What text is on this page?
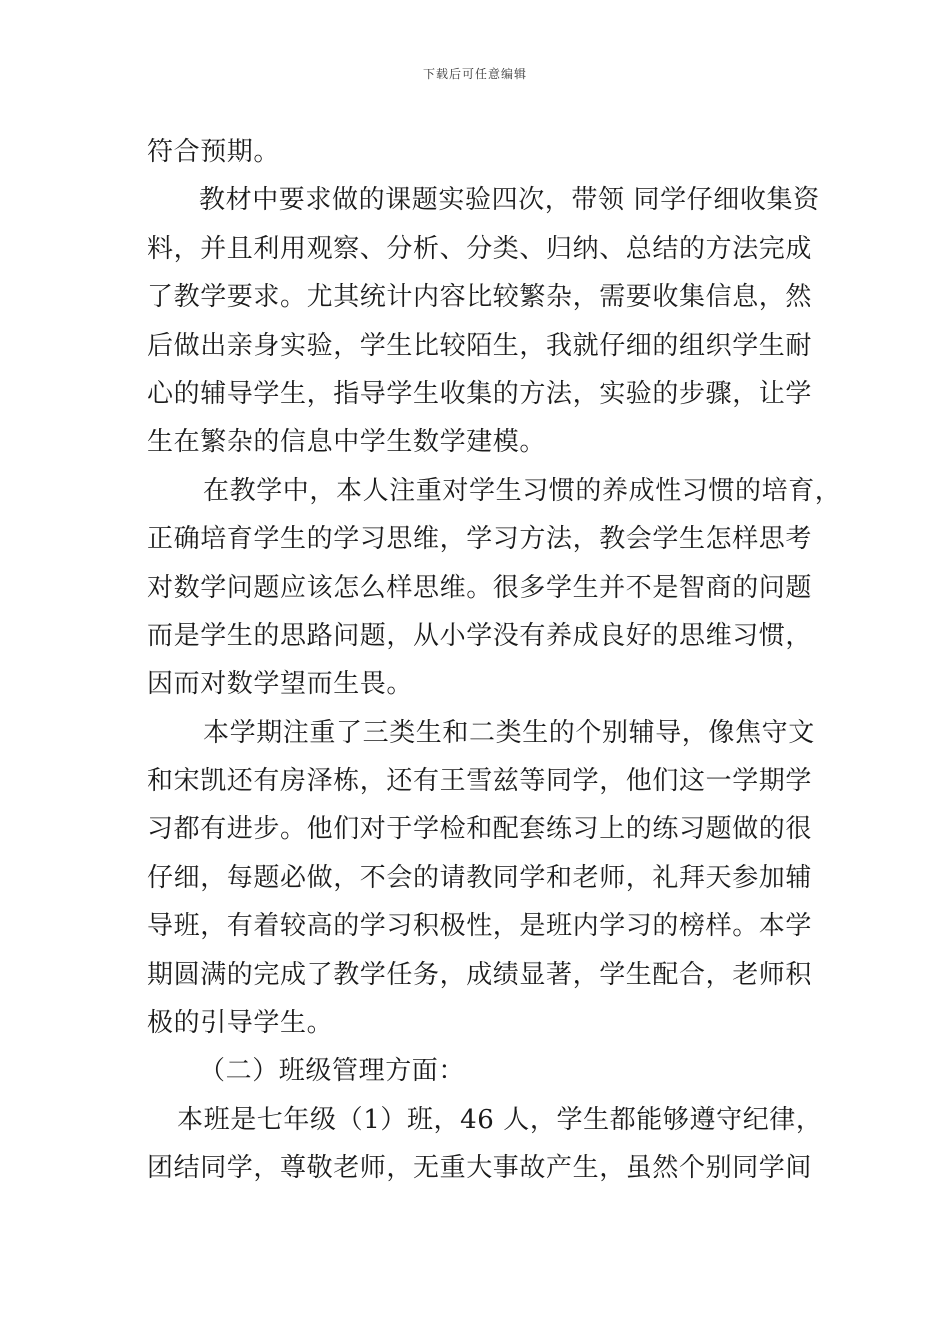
下载后可任意编辑
符合预期。
教材中要求做的课题实验四次，带领 同学仔细收集资
料，并且利用观察、分析、分类、归纳、总结的方法完成
了教学要求。尤其统计内容比较繁杂，需要收集信息，然
后做出亲身实验，学生比较陌生，我就仔细的组织学生耐
心的辅导学生，指导学生收集的方法，实验的步骤，让学
生在繁杂的信息中学生数学建模。
在教学中，本人注重对学生习惯的养成性习惯的培育，
正确培育学生的学习思维，学习方法，教会学生怎样思考
对数学问题应该怎么样思维。很多学生并不是智商的问题
而是学生的思路问题，从小学没有养成良好的思维习惯，
因而对数学望而生畏。
本学期注重了三类生和二类生的个别辅导，像焦守文
和宋凯还有房泽栋，还有王雪兹等同学，他们这一学期学
习都有进步。他们对于学检和配套练习上的练习题做的很
仔细，每题必做，不会的请教同学和老师，礼拜天参加辅
导班，有着较高的学习积极性，是班内学习的榜样。本学
期圆满的完成了教学任务，成绩显著，学生配合，老师积
极的引导学生。
（二）班级管理方面：
本班是七年级（1）班，46 人，学生都能够遵守纪律，
团结同学，尊敬老师，无重大事故产生，虽然个别同学间
